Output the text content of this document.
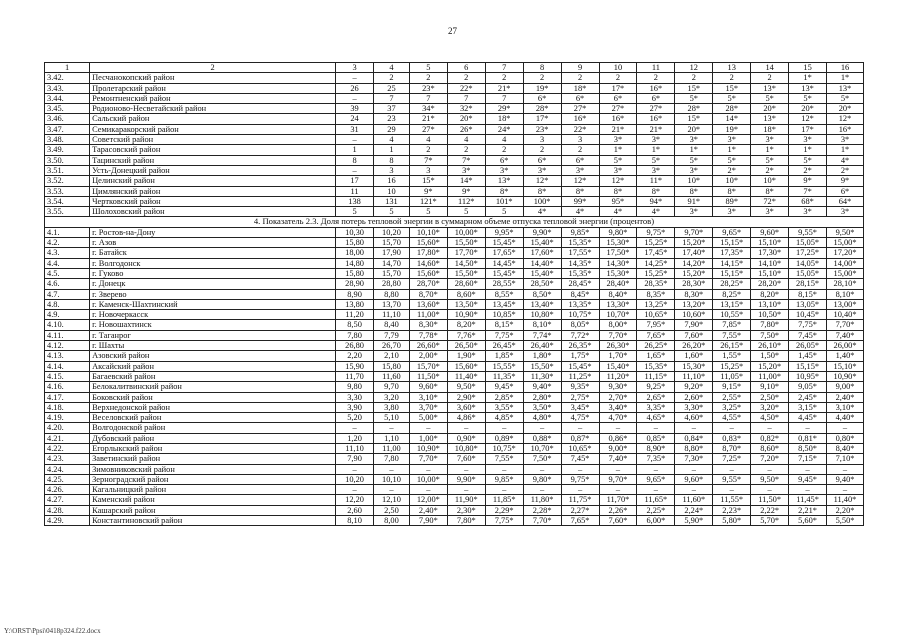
27
1	2	3	4	5	6	7	8	9	10	11	12	13	14	15	16
3.42.	Песчанокопский район	–	2	2	2	2	2	2	2	2	2	2	2	1*	1*
3.43.	Пролетарский район	26	25	23*	22*	21*	19*	18*	17*	16*	15*	15*	13*	13*	13*
3.44.	Ремонтненский район	–	7	7	7	7	6*	6*	6*	6*	5*	5*	5*	5*	5*
3.45.	Родионово-Несветайский район	39	37	34*	32*	29*	28*	27*	27*	27*	28*	28*	20*	20*	20*
3.46.	Сальский район	24	23	21*	20*	18*	17*	16*	16*	16*	15*	14*	13*	12*	12*
3.47.	Семикаракорский район	31	29	27*	26*	24*	23*	22*	21*	21*	20*	19*	18*	17*	16*
3.48.	Советский район	–	4	4	4	4	3	3	3*	3*	3*	3*	3*	3*	3*
3.49.	Тарасовский район	1	1	2	2	2	2	2	1*	1*	1*	1*	1*	1*	1*
3.50.	Тацинский район	8	8	7*	7*	6*	6*	6*	5*	5*	5*	5*	5*	5*	4*
3.51.	Усть-Донецкий район	–	3	3	3*	3*	3*	3*	3*	3*	3*	2*	2*	2*	2*
3.52.	Целинский район	17	16	15*	14*	13*	12*	12*	12*	11*	10*	10*	10*	9*	9*
3.53.	Цимлянский район	11	10	9*	9*	8*	8*	8*	8*	8*	8*	8*	8*	7*	6*
3.54.	Чертковский район	138	131	121*	112*	101*	100*	99*	95*	94*	91*	89*	72*	68*	64*
3.55.	Шолоховский район	5	5	5	5	5	4*	4*	4*	4*	3*	3*	3*	3*	3*
4. Показатель 2.3. Доля потерь тепловой энергии в суммарном объеме отпуска тепловой энергии (процентов)															
4.1.	г. Ростов-на-Дону	10,30	10,20	10,10*	10,00*	9,95*	9,90*	9,85*	9,80*	9,75*	9,70*	9,65*	9,60*	9,55*	9,50*
4.2.	г. Азов	15,80	15,70	15,60*	15,50*	15,45*	15,40*	15,35*	15,30*	15,25*	15,20*	15,15*	15,10*	15,05*	15,00*
4.3.	г. Батайск	18,00	17,90	17,80*	17,70*	17,65*	17,60*	17,55*	17,50*	17,45*	17,40*	17,35*	17,30*	17,25*	17,20*
4.4.	г. Волгодонск	14,80	14,70	14,60*	14,50*	14,45*	14,40*	14,35*	14,30*	14,25*	14,20*	14,15*	14,10*	14,05*	14,00*
4.5.	г. Гуково	15,80	15,70	15,60*	15,50*	15,45*	15,40*	15,35*	15,30*	15,25*	15,20*	15,15*	15,10*	15,05*	15,00*
4.6.	г. Донецк	28,90	28,80	28,70*	28,60*	28,55*	28,50*	28,45*	28,40*	28,35*	28,30*	28,25*	28,20*	28,15*	28,10*
4.7.	г. Зверево	8,90	8,80	8,70*	8,60*	8,55*	8,50*	8,45*	8,40*	8,35*	8,30*	8,25*	8,20*	8,15*	8,10*
4.8.	г. Каменск-Шахтинский	13,80	13,70	13,60*	13,50*	13,45*	13,40*	13,35*	13,30*	13,25*	13,20*	13,15*	13,10*	13,05*	13,00*
4.9.	г. Новочеркасск	11,20	11,10	11,00*	10,90*	10,85*	10,80*	10,75*	10,70*	10,65*	10,60*	10,55*	10,50*	10,45*	10,40*
4.10.	г. Новошахтинск	8,50	8,40	8,30*	8,20*	8,15*	8,10*	8,05*	8,00*	7,95*	7,90*	7,85*	7,80*	7,75*	7,70*
4.11.	г. Таганрог	7,80	7,79	7,78*	7,76*	7,75*	7,74*	7,72*	7,70*	7,65*	7,60*	7,55*	7,50*	7,45*	7,40*
4.12.	г. Шахты	26,80	26,70	26,60*	26,50*	26,45*	26,40*	26,35*	26,30*	26,25*	26,20*	26,15*	26,10*	26,05*	26,00*
4.13.	Азовский район	2,20	2,10	2,00*	1,90*	1,85*	1,80*	1,75*	1,70*	1,65*	1,60*	1,55*	1,50*	1,45*	1,40*
4.14.	Аксайский район	15,90	15,80	15,70*	15,60*	15,55*	15,50*	15,45*	15,40*	15,35*	15,30*	15,25*	15,20*	15,15*	15,10*
4.15.	Багаевский район	11,70	11,60	11,50*	11,40*	11,35*	11,30*	11,25*	11,20*	11,15*	11,10*	11,05*	11,00*	10,95*	10,90*
4.16.	Белокалитвинский район	9,80	9,70	9,60*	9,50*	9,45*	9,40*	9,35*	9,30*	9,25*	9,20*	9,15*	9,10*	9,05*	9,00*
4.17.	Боковский район	3,30	3,20	3,10*	2,90*	2,85*	2,80*	2,75*	2,70*	2,65*	2,60*	2,55*	2,50*	2,45*	2,40*
4.18.	Верхнедонской район	3,90	3,80	3,70*	3,60*	3,55*	3,50*	3,45*	3,40*	3,35*	3,30*	3,25*	3,20*	3,15*	3,10*
4.19.	Веселовский район	5,20	5,10	5,00*	4,86*	4,85*	4,80*	4,75*	4,70*	4,65*	4,60*	4,55*	4,50*	4,45*	4,40*
4.20.	Волгодонской район	–	–	–	–	–	–	–	–	–	–	–	–	–	–
4.21.	Дубовский район	1,20	1,10	1,00*	0,90*	0,89*	0,88*	0,87*	0,86*	0,85*	0,84*	0,83*	0,82*	0,81*	0,80*
4.22.	Егорлыкский район	11,10	11,00	10,90*	10,80*	10,75*	10,70*	10,65*	9,00*	8,90*	8,80*	8,70*	8,60*	8,50*	8,40*
4.23.	Заветинский район	7,90	7,80	7,70*	7,60*	7,55*	7,50*	7,45*	7,40*	7,35*	7,30*	7,25*	7,20*	7,15*	7,10*
4.24.	Зимовниковский район	–	–	–	–	–	–	–	–	–	–	–	–	–	–
4.25.	Зерноградский район	10,20	10,10	10,00*	9,90*	9,85*	9,80*	9,75*	9,70*	9,65*	9,60*	9,55*	9,50*	9,45*	9,40*
4.26.	Кагальницкий район	–	–	–	–	–	–	–	–	–	–	–	–	–	–
4.27.	Каменский район	12,20	12,10	12,00*	11,90*	11,85*	11,80*	11,75*	11,70*	11,65*	11,60*	11,55*	11,50*	11,45*	11,40*
4.28.	Кашарский район	2,60	2,50	2,40*	2,30*	2,29*	2,28*	2,27*	2,26*	2,25*	2,24*	2,23*	2,22*	2,21*	2,20*
4.29.	Константиновский район	8,10	8,00	7,90*	7,80*	7,75*	7,70*	7,65*	7,60*	6,00*	5,90*	5,80*	5,70*	5,60*	5,50*
Y:\ORST\Ppsi\0418p324.f22.docx
